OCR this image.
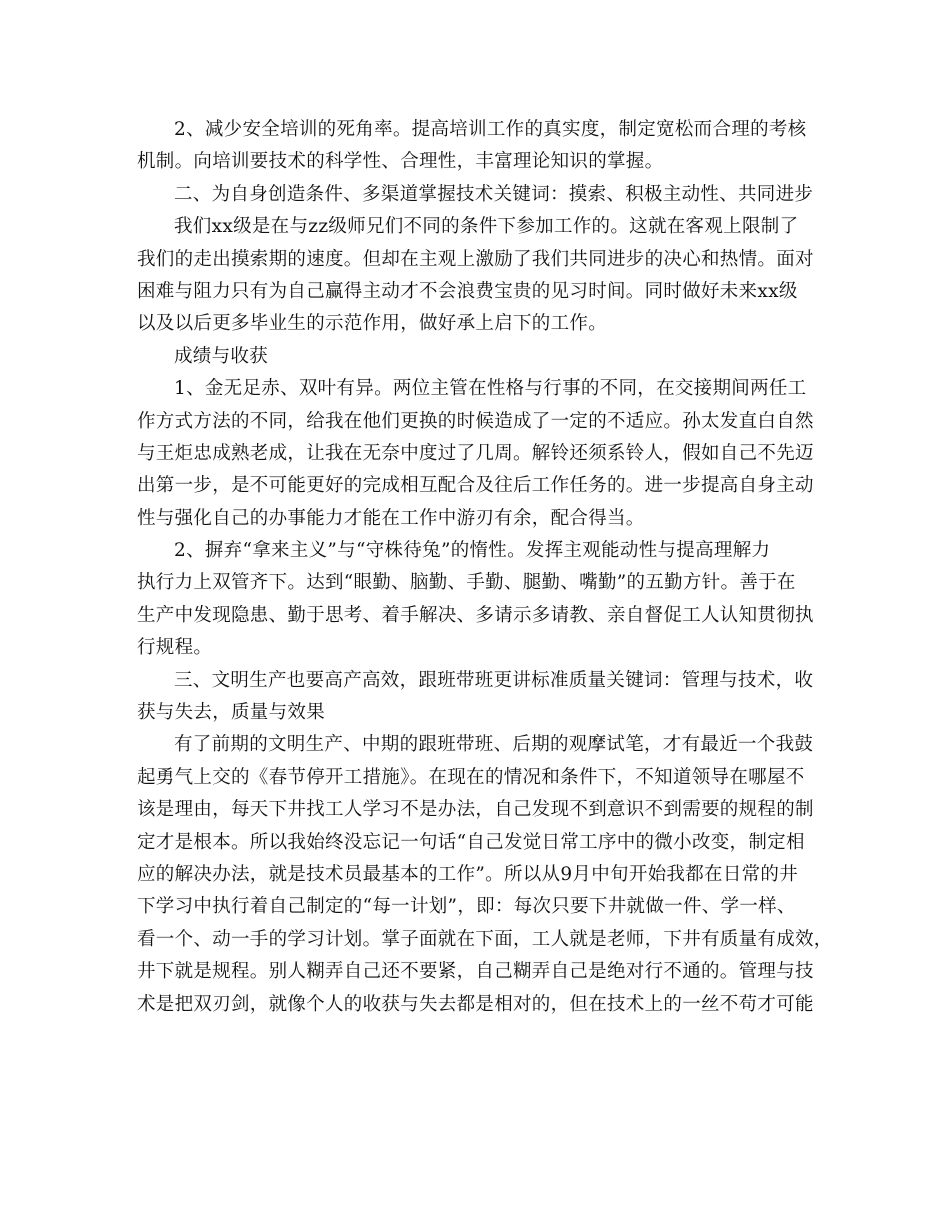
2、减少安全培训的死角率。提高培训工作的真实度，制定宽松而合理的考核
机制。向培训要技术的科学性、合理性，丰富理论知识的掌握。
二、为自身创造条件、多渠道掌握技术关键词：摸索、积极主动性、共同进步
我们xx级是在与zz级师兄们不同的条件下参加工作的。这就在客观上限制了
我们的走出摸索期的速度。但却在主观上激励了我们共同进步的决心和热情。面对
困难与阻力只有为自己赢得主动才不会浪费宝贵的见习时间。同时做好未来xx级
以及以后更多毕业生的示范作用，做好承上启下的工作。
成绩与收获
1、金无足赤、双叶有异。两位主管在性格与行事的不同，在交接期间两任工
作方式方法的不同，给我在他们更换的时候造成了一定的不适应。孙太发直白自然
与王炬忠成熟老成，让我在无奈中度过了几周。解铃还须系铃人，假如自己不先迈
出第一步，是不可能更好的完成相互配合及往后工作任务的。进一步提高自身主动
性与强化自己的办事能力才能在工作中游刃有余，配合得当。
2、摒弃“拿来主义”与“守株待兔”的惰性。发挥主观能动性与提高理解力
执行力上双管齐下。达到“眼勤、脑勤、手勤、腿勤、嘴勤”的五勤方针。善于在
生产中发现隐患、勤于思考、着手解决、多请示多请教、亲自督促工人认知贯彻执
行规程。
三、文明生产也要高产高效，跟班带班更讲标准质量关键词：管理与技术，收
获与失去，质量与效果
有了前期的文明生产、中期的跟班带班、后期的观摩试笔，才有最近一个我鼓
起勇气上交的《春节停开工措施》。在现在的情况和条件下，不知道领导在哪屋不
该是理由，每天下井找工人学习不是办法，自己发现不到意识不到需要的规程的制
定才是根本。所以我始终没忘记一句话“自己发觉日常工序中的微小改变，制定相
应的解决办法，就是技术员最基本的工作”。所以从9月中旬开始我都在日常的井
下学习中执行着自己制定的“每一计划”，即：每次只要下井就做一件、学一样、
看一个、动一手的学习计划。掌子面就在下面，工人就是老师，下井有质量有成效，
井下就是规程。别人糊弄自己还不要紧，自己糊弄自己是绝对行不通的。管理与技
术是把双刃剑，就像个人的收获与失去都是相对的，但在技术上的一丝不苟才可能
